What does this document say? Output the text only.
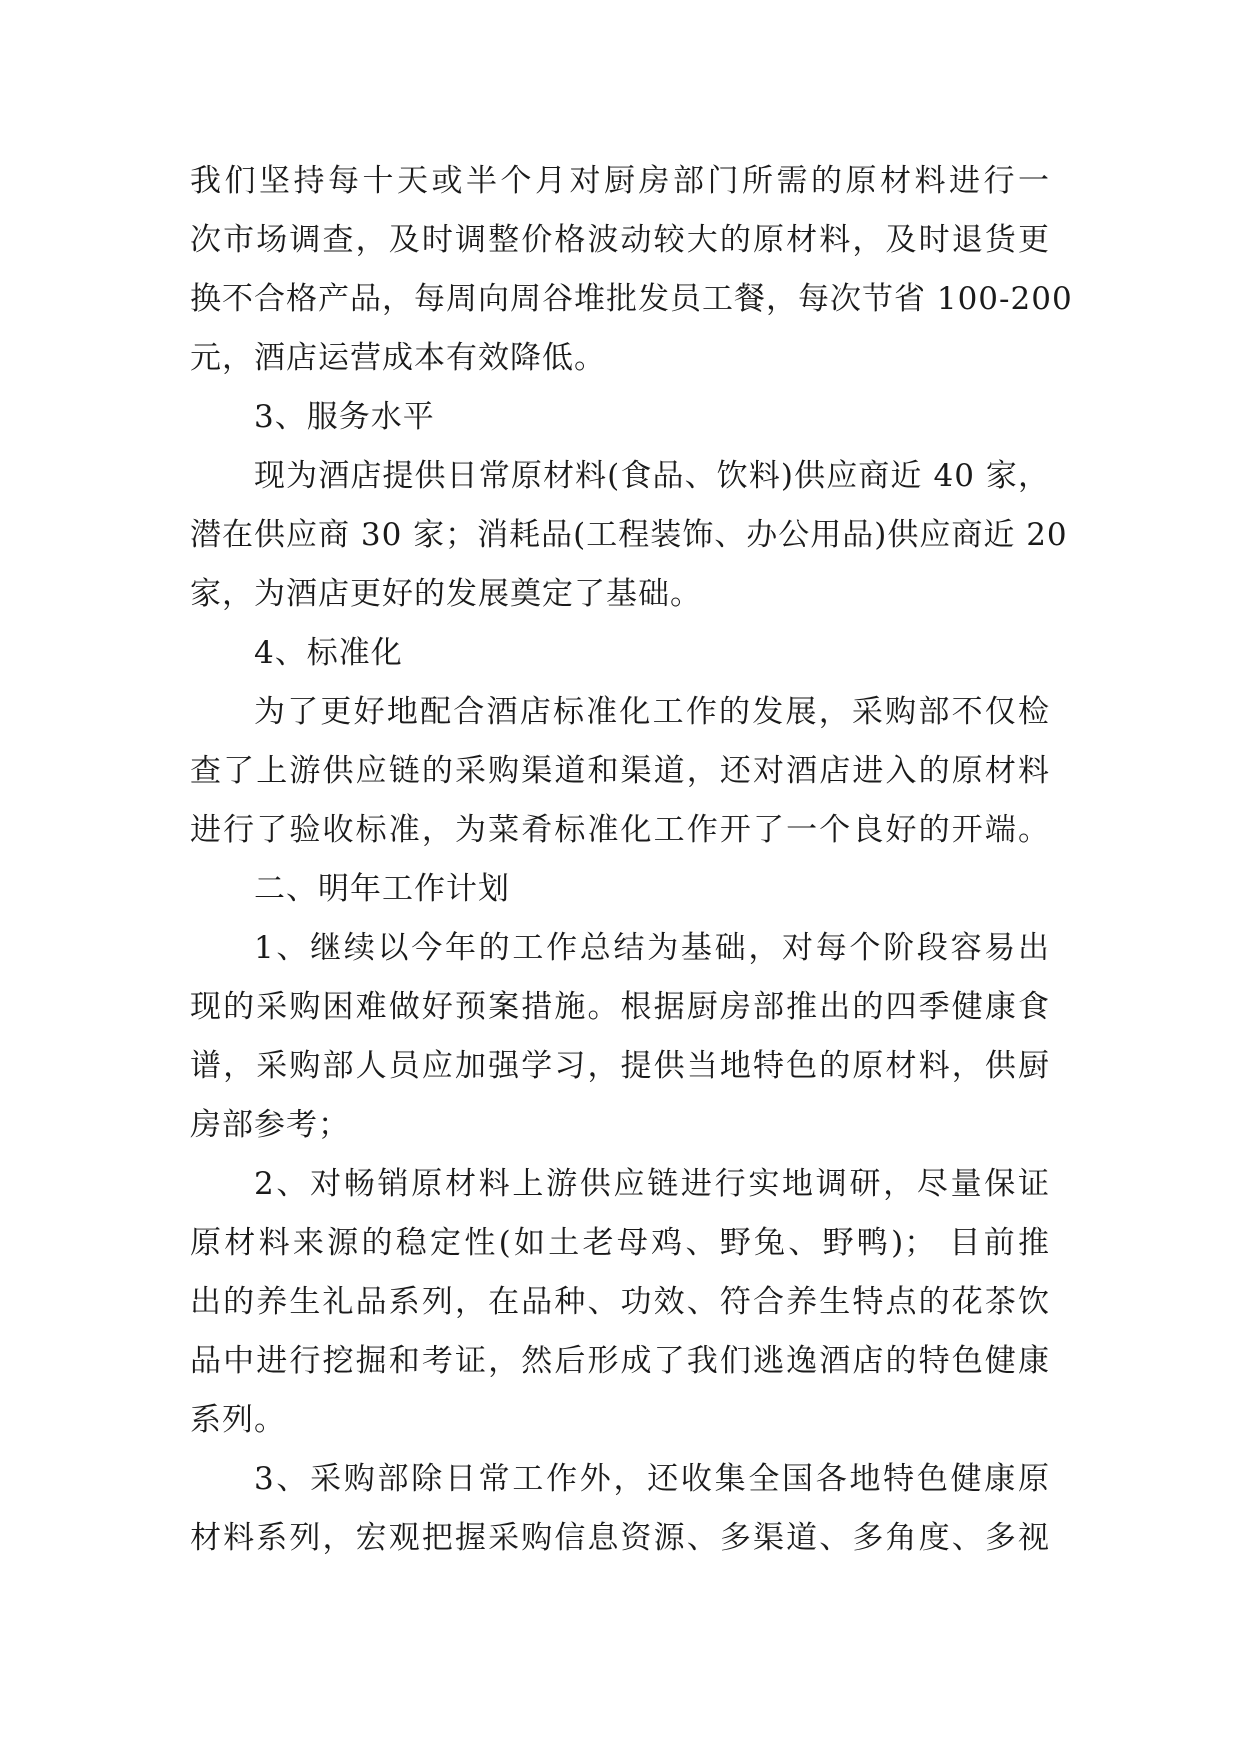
我们坚持每十天或半个月对厨房部门所需的原材料进行一
次市场调查，及时调整价格波动较大的原材料，及时退货更
换不合格产品，每周向周谷堆批发员工餐，每次节省 100-200
元，酒店运营成本有效降低。
3、服务水平
现为酒店提供日常原材料(食品、饮料)供应商近 40 家，
潜在供应商 30 家；消耗品(工程装饰、办公用品)供应商近 20
家，为酒店更好的发展奠定了基础。
4、标准化
为了更好地配合酒店标准化工作的发展，采购部不仅检
查了上游供应链的采购渠道和渠道，还对酒店进入的原材料
进行了验收标准，为菜肴标准化工作开了一个良好的开端。
二、明年工作计划
1、继续以今年的工作总结为基础，对每个阶段容易出
现的采购困难做好预案措施。根据厨房部推出的四季健康食
谱，采购部人员应加强学习，提供当地特色的原材料，供厨
房部参考；
2、对畅销原材料上游供应链进行实地调研，尽量保证
原材料来源的稳定性(如土老母鸡、野兔、野鸭)； 目前推
出的养生礼品系列，在品种、功效、符合养生特点的花茶饮
品中进行挖掘和考证，然后形成了我们逃逸酒店的特色健康
系列。
3、采购部除日常工作外，还收集全国各地特色健康原
材料系列，宏观把握采购信息资源、多渠道、多角度、多视
